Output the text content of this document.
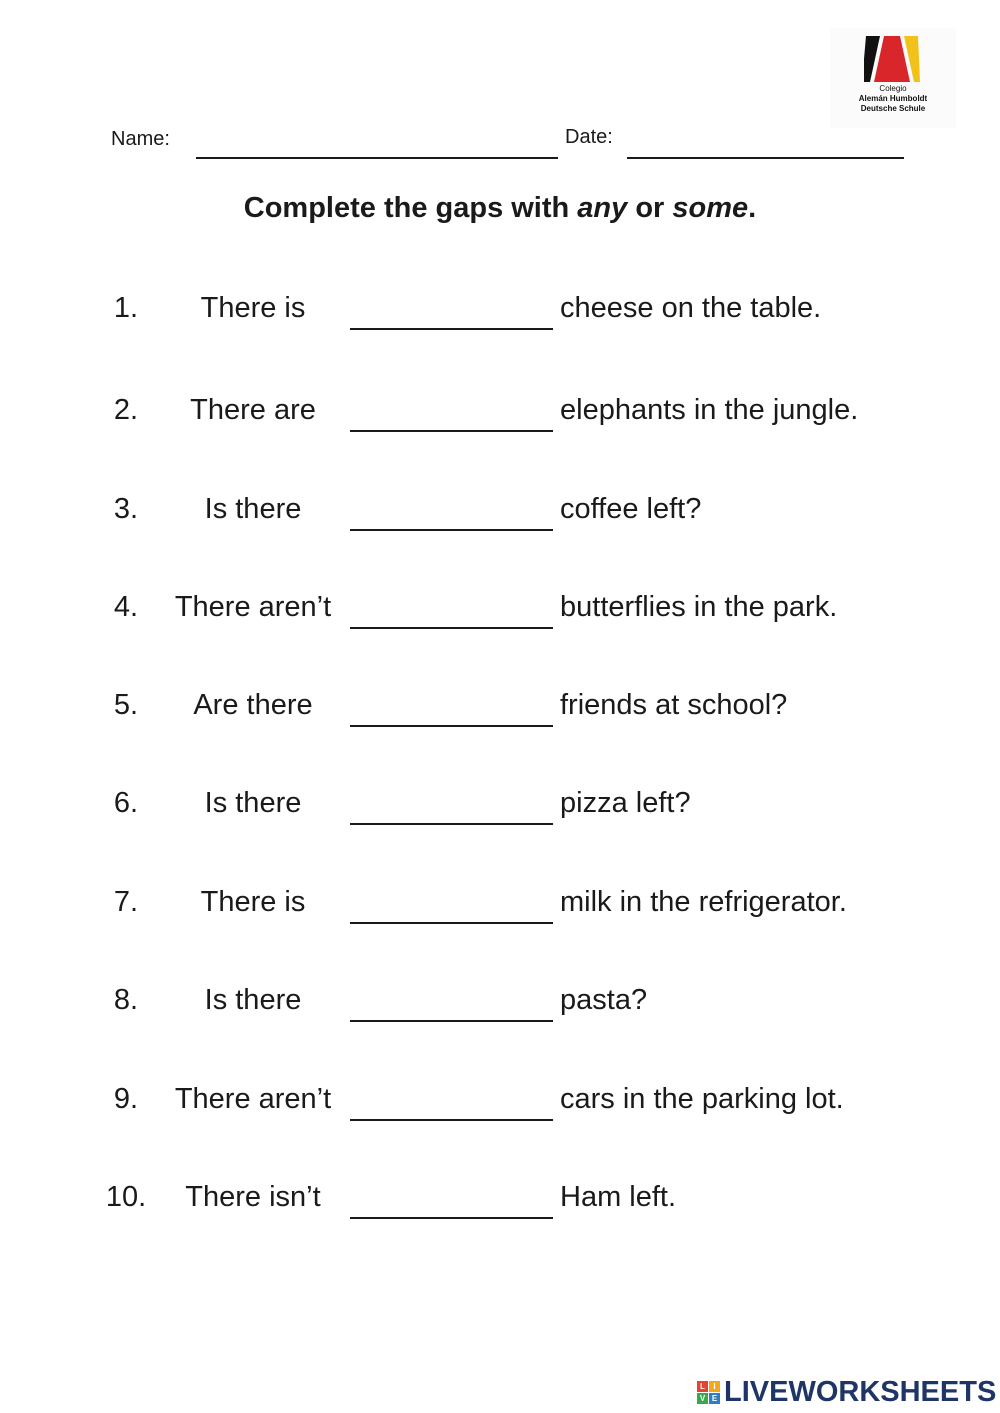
Colegio
Alemán Humboldt
Deutsche Schule
Name:	Date:
Complete the gaps with any or some.
1.	There is	cheese on the table.
2.	There are	elephants in the jungle.
3.	Is there	coffee left?
4.	There aren’t	butterflies in the park.
5.	Are there	friends at school?
6.	Is there	pizza left?
7.	There is	milk in the refrigerator.
8.	Is there	pasta?
9.	There aren’t	cars in the parking lot.
10.	There isn’t	Ham left.
L	I
V E LIVEWORKSHEETS
